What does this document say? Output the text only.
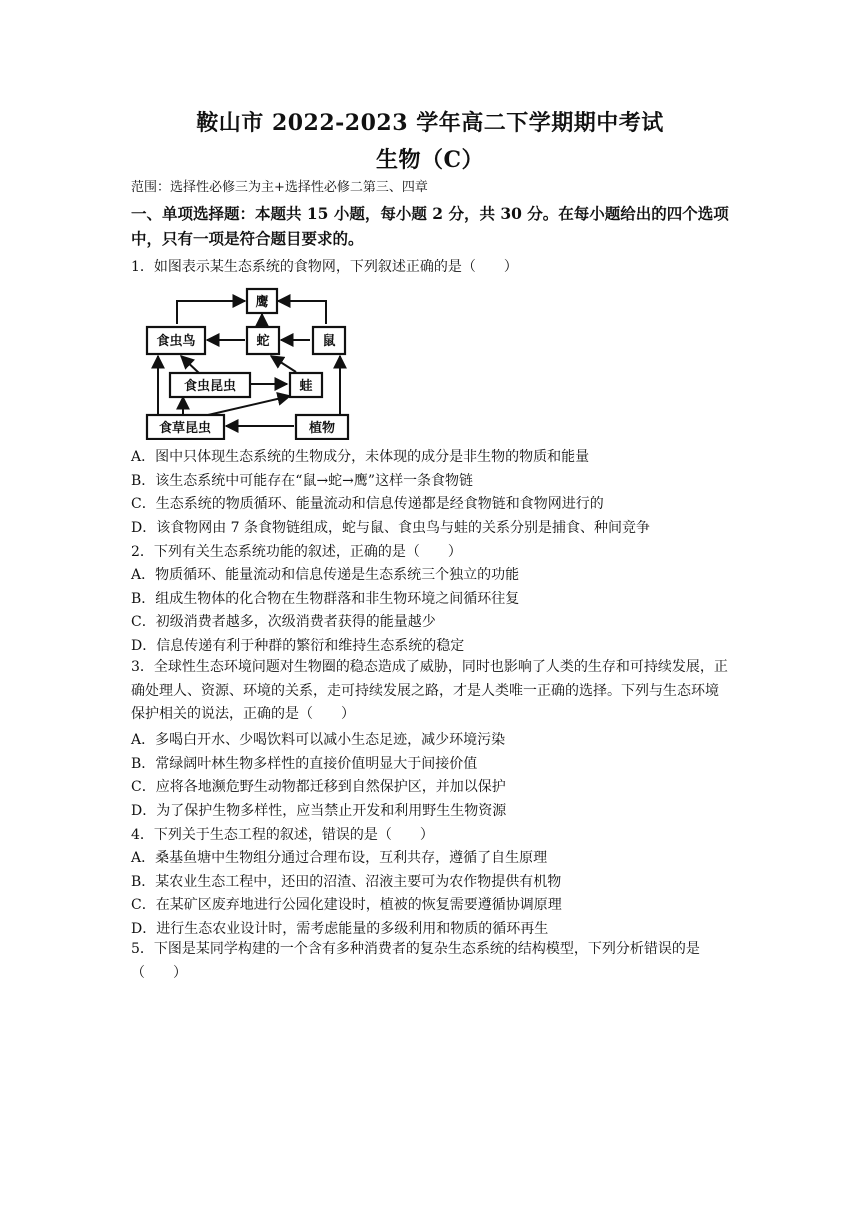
鞍山市 2022-2023 学年高二下学期期中考试
生物（C）
范围：选择性必修三为主+选择性必修二第三、四章
一、单项选择题：本题共 15 小题，每小题 2 分，共 30 分。在每小题给出的四个选项中，只有一项是符合题目要求的。
1．如图表示某生态系统的食物网，下列叙述正确的是（　　）
鹰
食虫鸟	蛇	鼠
食虫昆虫	蛙
食草昆虫	植物
A．图中只体现生态系统的生物成分，未体现的成分是非生物的物质和能量
B．该生态系统中可能存在“鼠→蛇→鹰”这样一条食物链
C．生态系统的物质循环、能量流动和信息传递都是经食物链和食物网进行的
D．该食物网由 7 条食物链组成，蛇与鼠、食虫鸟与蛙的关系分别是捕食、种间竞争
2．下列有关生态系统功能的叙述，正确的是（　　）
A．物质循环、能量流动和信息传递是生态系统三个独立的功能
B．组成生物体的化合物在生物群落和非生物环境之间循环往复
C．初级消费者越多，次级消费者获得的能量越少
D．信息传递有利于种群的繁衍和维持生态系统的稳定
3．全球性生态环境问题对生物圈的稳态造成了威胁，同时也影响了人类的生存和可持续发展，正确处理人、资源、环境的关系，走可持续发展之路，才是人类唯一正确的选择。下列与生态环境保护相关的说法，正确的是（　　）
A．多喝白开水、少喝饮料可以减小生态足迹，减少环境污染
B．常绿阔叶林生物多样性的直接价值明显大于间接价值
C．应将各地濒危野生动物都迁移到自然保护区，并加以保护
D．为了保护生物多样性，应当禁止开发和利用野生生物资源
4．下列关于生态工程的叙述，错误的是（　　）
A．桑基鱼塘中生物组分通过合理布设，互利共存，遵循了自生原理
B．某农业生态工程中，还田的沼渣、沼液主要可为农作物提供有机物
C．在某矿区废弃地进行公园化建设时，植被的恢复需要遵循协调原理
D．进行生态农业设计时，需考虑能量的多级利用和物质的循环再生
5．下图是某同学构建的一个含有多种消费者的复杂生态系统的结构模型，下列分析错误的是（　　）
